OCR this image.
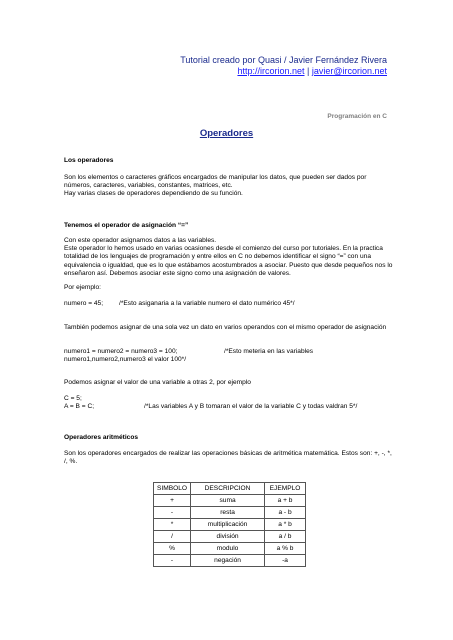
Tutorial creado por Quasi / Javier Fernández Rivera
http://ircorion.net | javier@ircorion.net
Programación en C
Operadores

Los operadores

Son los elementos o caracteres gráficos encargados de manipular los datos, que pueden ser dados por números, caracteres, variables, constantes, matrices, etc.

Hay varias clases de operadores dependiendo de su función.

Tenemos el operador de asignación “=”

Con este operador asignamos datos a las variables.

Este operador lo hemos usado en varias ocasiones desde el comienzo del curso por tutoriales. En la practica totalidad de los lenguajes de programación y entre ellos en C no debemos identificar el signo “=” con una equivalencia o igualdad, que es lo que estábamos acostumbrados a asociar. Puesto que desde pequeños nos lo enseñaron así. Debemos asociar este signo como una asignación de valores.

Por ejemplo:

numero = 45; /*Esto asiganaria a la variable numero el dato numérico 45*/

También podemos asignar de una sola vez un dato en varios operandos con el mismo operador de asignación

numero1 = numero2 = numero3 = 100;	/*Esto meteria en las variables
numero1,numero2,numero3 el valor 100*/

Podemos asignar el valor de una variable a otras 2, por ejemplo

C = 5;
A = B = C;	/*Las variables A y B tomaran el valor de la variable C y todas valdran 5*/

Operadores aritméticos

Son los operadores encargados de realizar las operaciones básicas de aritmética matemática. Estos son: +, -, *, /, %.

SIMBOLO	DESCRIPCION	EJEMPLO
+	suma	a + b
-	resta	a - b
*	multiplicación	a * b
/	división	a / b
%	modulo	a % b
-	negación	-a
